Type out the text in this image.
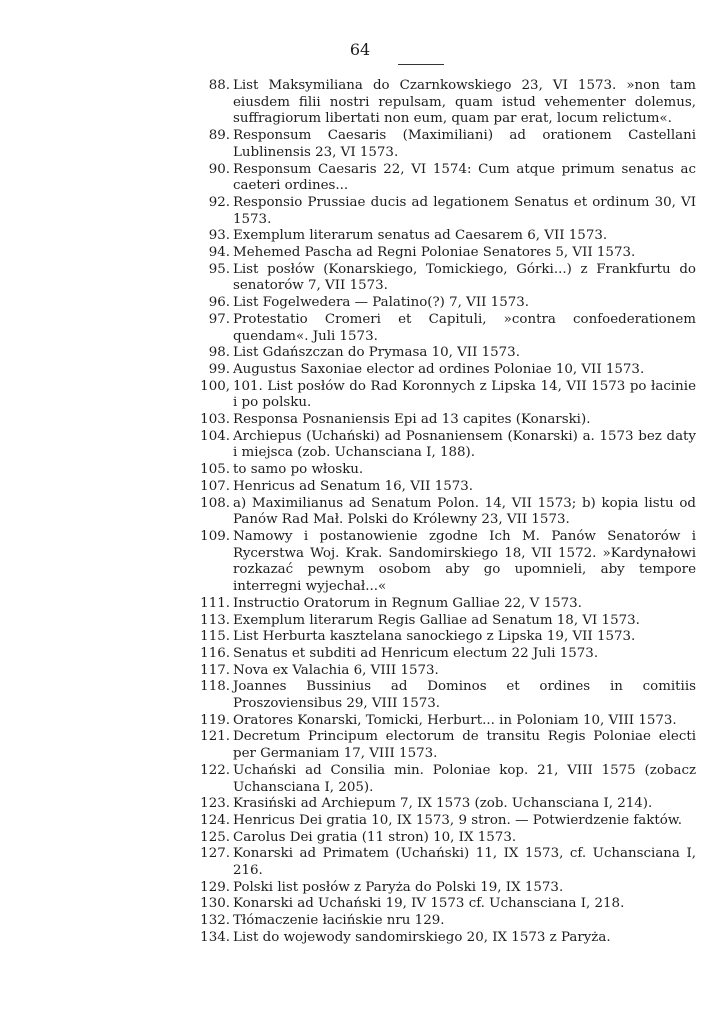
64
88. List Maksymiliana do Czarnkowskiego 23, VI 1573. »non tam eiusdem filii nostri repulsam, quam istud vehementer dolemus, suffragiorum libertati non eum, quam par erat, locum relictum«.
89. Responsum Caesaris (Maximiliani) ad orationem Castellani Lublinensis 23, VI 1573.
90. Responsum Caesaris 22, VI 1574: Cum atque primum senatus ac caeteri ordines...
92. Responsio Prussiae ducis ad legationem Senatus et ordinum 30, VI 1573.
93. Exemplum literarum senatus ad Caesarem 6, VII 1573.
94. Mehemed Pascha ad Regni Poloniae Senatores 5, VII 1573.
95. List posłów (Konarskiego, Tomickiego, Górki...) z Frankfurtu do senatorów 7, VII 1573.
96. List Fogelwedera — Palatino(?) 7, VII 1573.
97. Protestatio Cromeri et Capituli, »contra confoederationem quendam«. Juli 1573.
98. List Gdańszczan do Prymasa 10, VII 1573.
99. Augustus Saxoniae elector ad ordines Poloniae 10, VII 1573.
100, 101. List posłów do Rad Koronnych z Lipska 14, VII 1573 po łacinie i po polsku.
103. Responsa Posnaniensis Epi ad 13 capites (Konarski).
104. Archiepus (Uchański) ad Posnaniensem (Konarski) a. 1573 bez daty i miejsca (zob. Uchansciana I, 188).
105. to samo po włosku.
107. Henricus ad Senatum 16, VII 1573.
108. a) Maximilianus ad Senatum Polon. 14, VII 1573; b) kopia listu od Panów Rad Mał. Polski do Królewny 23, VII 1573.
109. Namowy i postanowienie zgodne Ich M. Panów Senatorów i Rycerstwa Woj. Krak. Sandomirskiego 18, VII 1572. »Kardynałowi rozkazać pewnym osobom aby go upomnieli, aby tempore interregni wyjechał...«
111. Instructio Oratorum in Regnum Galliae 22, V 1573.
113. Exemplum literarum Regis Galliae ad Senatum 18, VI 1573.
115. List Herburta kasztelana sanockiego z Lipska 19, VII 1573.
116. Senatus et subditi ad Henricum electum 22 Juli 1573.
117. Nova ex Valachia 6, VIII 1573.
118. Joannes Bussinius ad Dominos et ordines in comitiis Proszoviensibus 29, VIII 1573.
119. Oratores Konarski, Tomicki, Herburt... in Poloniam 10, VIII 1573.
121. Decretum Principum electorum de transitu Regis Poloniae electi per Germaniam 17, VIII 1573.
122. Uchański ad Consilia min. Poloniae kop. 21, VIII 1575 (zobacz Uchansciana I, 205).
123. Krasiński ad Archiepum 7, IX 1573 (zob. Uchansciana I, 214).
124. Henricus Dei gratia 10, IX 1573, 9 stron. — Potwierdzenie faktów.
125. Carolus Dei gratia (11 stron) 10, IX 1573.
127. Konarski ad Primatem (Uchański) 11, IX 1573, cf. Uchansciana I, 216.
129. Polski list posłów z Paryża do Polski 19, IX 1573.
130. Konarski ad Uchański 19, IV 1573 cf. Uchansciana I, 218.
132. Tłómaczenie łacińskie nru 129.
134. List do wojewody sandomirskiego 20, IX 1573 z Paryża.
